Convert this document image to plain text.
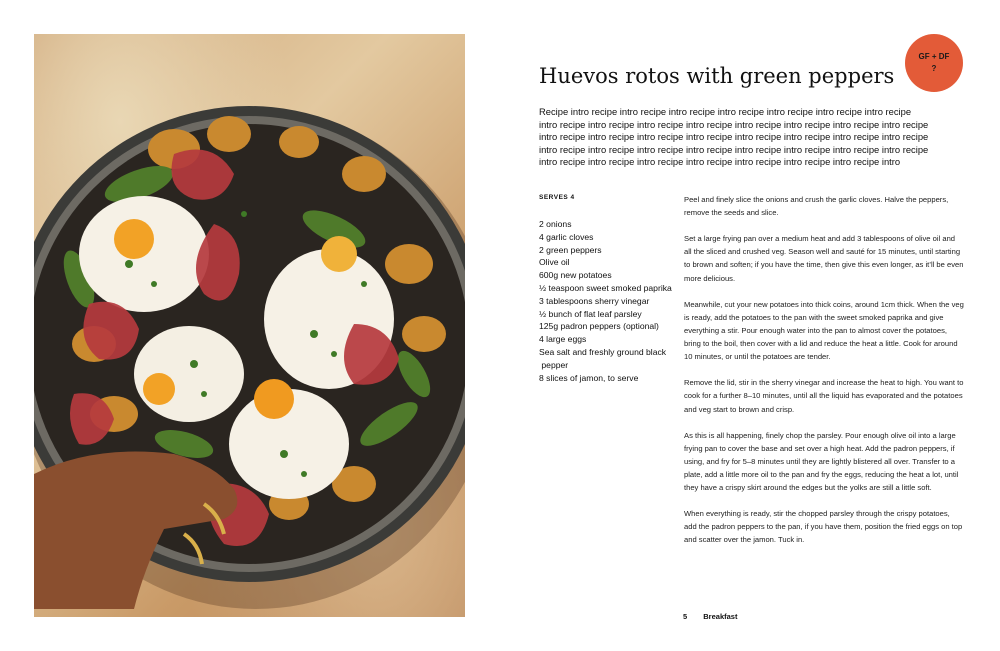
Huevos rotos with green peppers
GF + DF
?

Recipe intro recipe intro recipe intro recipe intro recipe intro recipe intro recipe intro recipe intro recipe intro recipe intro recipe intro recipe intro recipe intro recipe intro recipe intro recipe intro recipe intro recipe intro recipe intro recipe intro recipe intro recipe intro recipe intro recipe intro recipe intro recipe intro recipe intro recipe intro recipe intro recipe intro recipe intro recipe intro recipe intro recipe intro recipe intro recipe intro recipe intro recipe intro recipe intro

SERVES 4
2 onions
4 garlic cloves
2 green peppers
Olive oil
600g new potatoes
½ teaspoon sweet smoked paprika
3 tablespoons sherry vinegar
½ bunch of flat leaf parsley
125g padron peppers (optional)
4 large eggs
Sea salt and freshly ground black
pepper
8 slices of jamon, to serve

Peel and finely slice the onions and crush the garlic cloves. Halve the peppers, remove the seeds and slice.

Set a large frying pan over a medium heat and add 3 tablespoons of olive oil and all the sliced and crushed veg. Season well and sauté for 15 minutes, until starting to brown and soften; if you have the time, then give this even longer, as it’ll be even more delicious.

Meanwhile, cut your new potatoes into thick coins, around 1cm thick. When the veg is ready, add the potatoes to the pan with the sweet smoked paprika and give everything a stir. Pour enough water into the pan to almost cover the potatoes, bring to the boil, then cover with a lid and reduce the heat a little. Cook for around 10 minutes, or until the potatoes are tender.

Remove the lid, stir in the sherry vinegar and increase the heat to high. You want to cook for a further 8–10 minutes, until all the liquid has evaporated and the potatoes and veg start to brown and crisp.

As this is all happening, finely chop the parsley. Pour enough olive oil into a large frying pan to cover the base and set over a high heat. Add the padron peppers, if using, and fry for 5–8 minutes until they are lightly blistered all over. Transfer to a plate, add a little more oil to the pan and fry the eggs, reducing the heat a lot, until they have a crispy skirt around the edges but the yolks are still a little soft.

When everything is ready, stir the chopped parsley through the crispy potatoes, add the padron peppers to the pan, if you have them, position the fried eggs on top and scatter over the jamon. Tuck in.

5 Breakfast
